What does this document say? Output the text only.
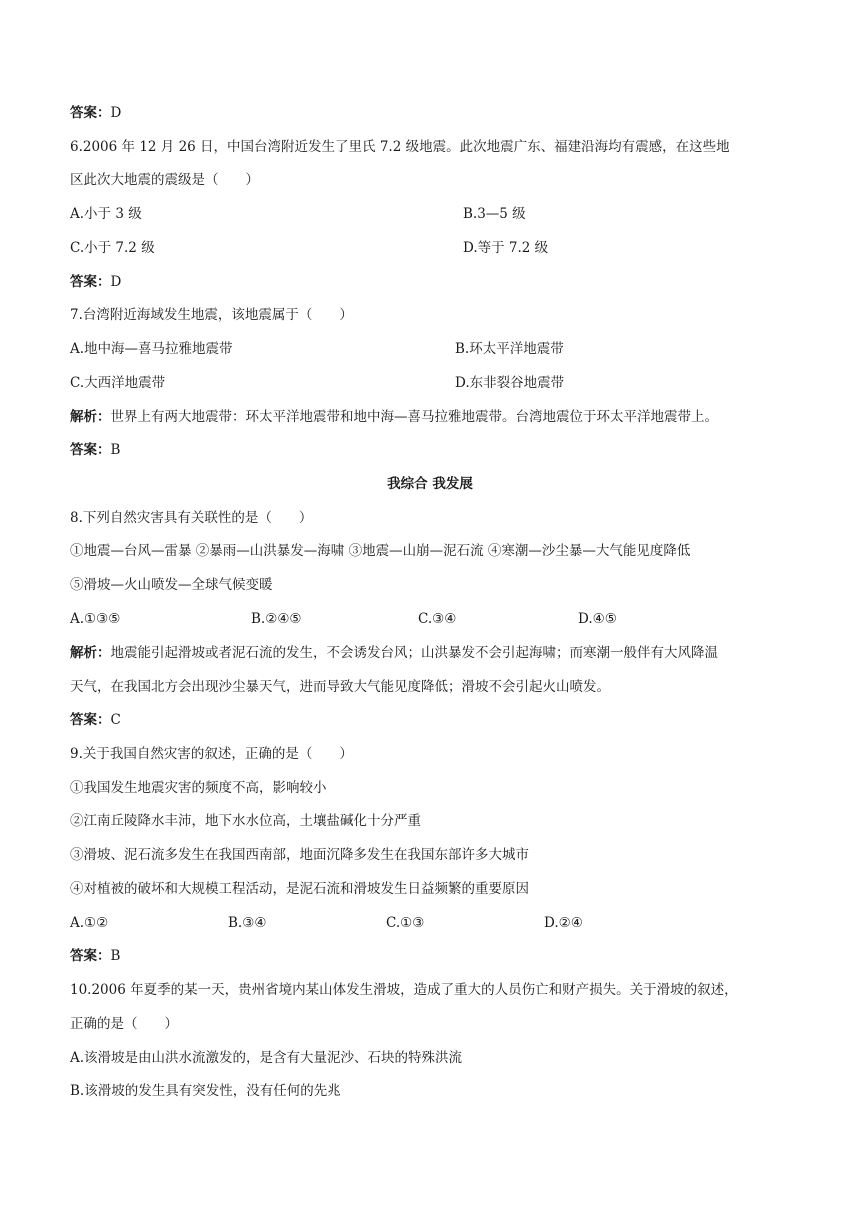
答案：D
6.2006 年 12 月 26 日，中国台湾附近发生了里氏 7.2 级地震。此次地震广东、福建沿海均有震感，在这些地
区此次大地震的震级是（　　）
A.小于 3 级	B.3—5 级
C.小于 7.2 级	D.等于 7.2 级
答案：D
7.台湾附近海域发生地震，该地震属于（　　）
A.地中海—喜马拉雅地震带	B.环太平洋地震带
C.大西洋地震带	D.东非裂谷地震带
解析：世界上有两大地震带：环太平洋地震带和地中海—喜马拉雅地震带。台湾地震位于环太平洋地震带上。
答案：B
我综合 我发展
8.下列自然灾害具有关联性的是（　　）
①地震—台风—雷暴 ②暴雨—山洪暴发—海啸 ③地震—山崩—泥石流 ④寒潮—沙尘暴—大气能见度降低
⑤滑坡—火山喷发—全球气候变暖
A.①③⑤	B.②④⑤	C.③④	D.④⑤
解析：地震能引起滑坡或者泥石流的发生，不会诱发台风；山洪暴发不会引起海啸；而寒潮一般伴有大风降温
天气，在我国北方会出现沙尘暴天气，进而导致大气能见度降低；滑坡不会引起火山喷发。
答案：C
9.关于我国自然灾害的叙述，正确的是（　　）
①我国发生地震灾害的频度不高，影响较小
②江南丘陵降水丰沛，地下水水位高，土壤盐碱化十分严重
③滑坡、泥石流多发生在我国西南部，地面沉降多发生在我国东部许多大城市
④对植被的破坏和大规模工程活动，是泥石流和滑坡发生日益频繁的重要原因
A.①②	B.③④	C.①③	D.②④
答案：B
10.2006 年夏季的某一天，贵州省境内某山体发生滑坡，造成了重大的人员伤亡和财产损失。关于滑坡的叙述，
正确的是（　　）
A.该滑坡是由山洪水流激发的，是含有大量泥沙、石块的特殊洪流
B.该滑坡的发生具有突发性，没有任何的先兆
